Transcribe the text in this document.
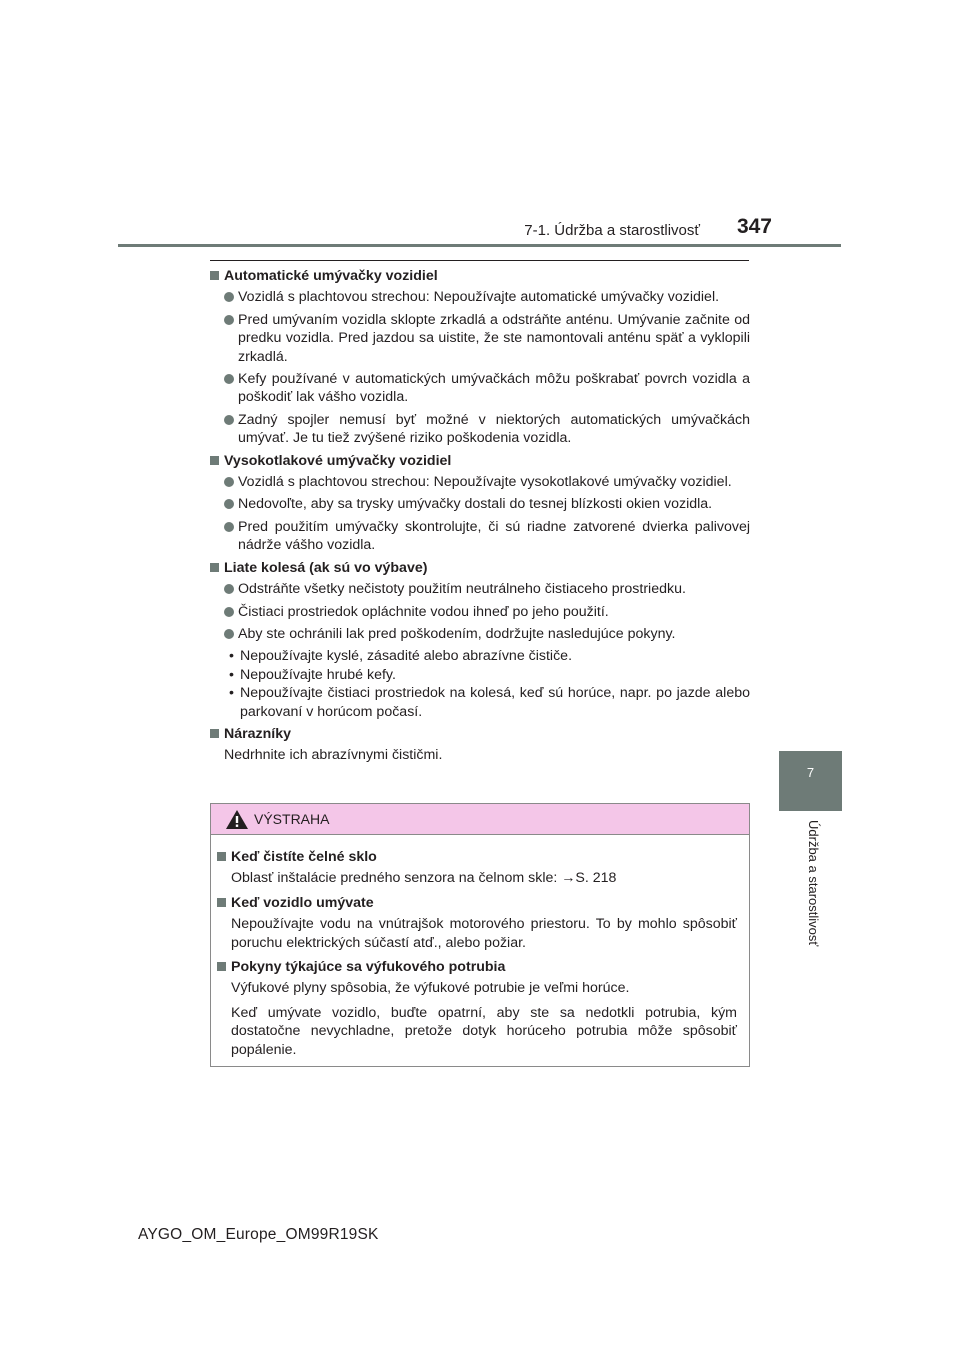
7-1. Údržba a starostlivosť	347
7
Údržba a starostlivosť
Automatické umývačky vozidiel
Vozidlá s plachtovou strechou: Nepoužívajte automatické umývačky vozidiel.
Pred umývaním vozidla sklopte zrkadlá a odstráňte anténu. Umývanie začnite od predku vozidla. Pred jazdou sa uistite, že ste namontovali anténu späť a vyklopili zrkadlá.
Kefy používané v automatických umývačkách môžu poškrabať povrch vozidla a poškodiť lak vášho vozidla.
Zadný spojler nemusí byť možné v niektorých automatických umývačkách umývať. Je tu tiež zvýšené riziko poškodenia vozidla.
Vysokotlakové umývačky vozidiel
Vozidlá s plachtovou strechou: Nepoužívajte vysokotlakové umývačky vozidiel.
Nedovoľte, aby sa trysky umývačky dostali do tesnej blízkosti okien vozidla.
Pred použitím umývačky skontrolujte, či sú riadne zatvorené dvierka palivovej nádrže vášho vozidla.
Liate kolesá (ak sú vo výbave)
Odstráňte všetky nečistoty použitím neutrálneho čistiaceho prostriedku.
Čistiaci prostriedok opláchnite vodou ihneď po jeho použití.
Aby ste ochránili lak pred poškodením, dodržujte nasledujúce pokyny.
• Nepoužívajte kyslé, zásadité alebo abrazívne čističe.
• Nepoužívajte hrubé kefy.
• Nepoužívajte čistiaci prostriedok na kolesá, keď sú horúce, napr. po jazde alebo parkovaní v horúcom počasí.
Nárazníky
Nedrhnite ich abrazívnymi čističmi.
VÝSTRAHA
Keď čistíte čelné sklo
Oblasť inštalácie predného senzora na čelnom skle: →S. 218
Keď vozidlo umývate
Nepoužívajte vodu na vnútrajšok motorového priestoru. To by mohlo spôsobiť poruchu elektrických súčastí atď., alebo požiar.
Pokyny týkajúce sa výfukového potrubia
Výfukové plyny spôsobia, že výfukové potrubie je veľmi horúce.
Keď umývate vozidlo, buďte opatrní, aby ste sa nedotkli potrubia, kým dostatočne nevychladne, pretože dotyk horúceho potrubia môže spôsobiť popálenie.
AYGO_OM_Europe_OM99R19SK
